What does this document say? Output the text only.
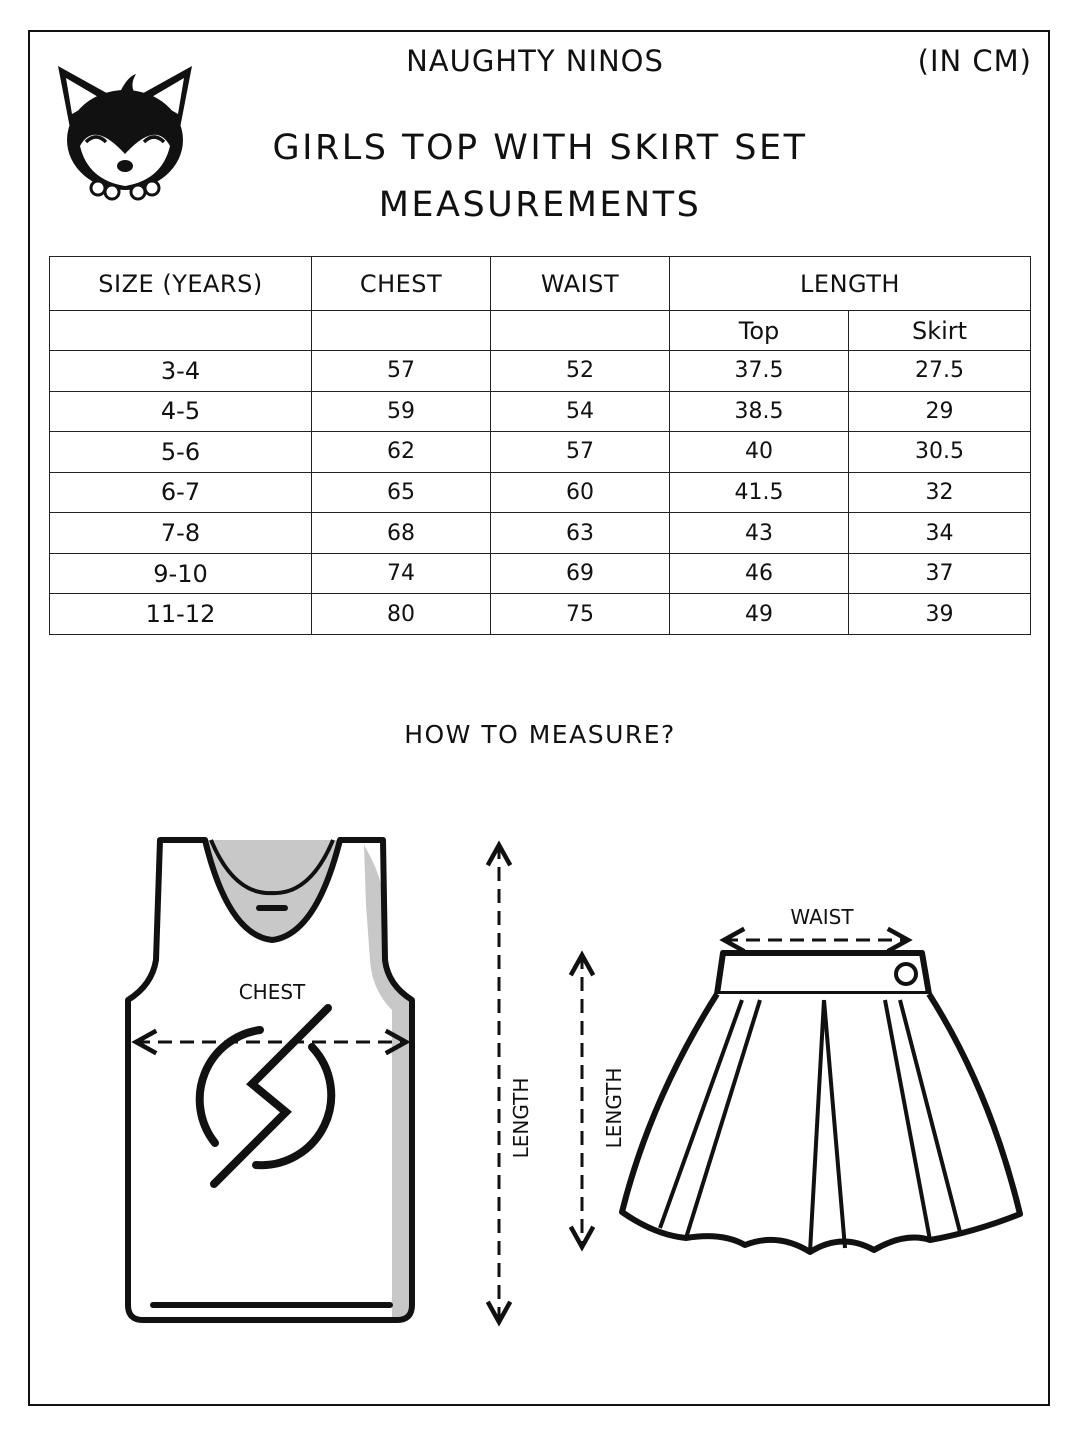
NAUGHTY NINOS	(IN CM)
GIRLS TOP WITH SKIRT SET
MEASUREMENTS
SIZE (YEARS)	CHEST	WAIST	LENGTH	
			Top	Skirt
3-4	57	52	37.5	27.5
4-5	59	54	38.5	29
5-6	62	57	40	30.5
6-7	65	60	41.5	32
7-8	68	63	43	34
9-10	74	69	46	37
11-12	80	75	49	39
HOW TO MEASURE?
CHEST
LENGTH	LENGTH
WAIST
